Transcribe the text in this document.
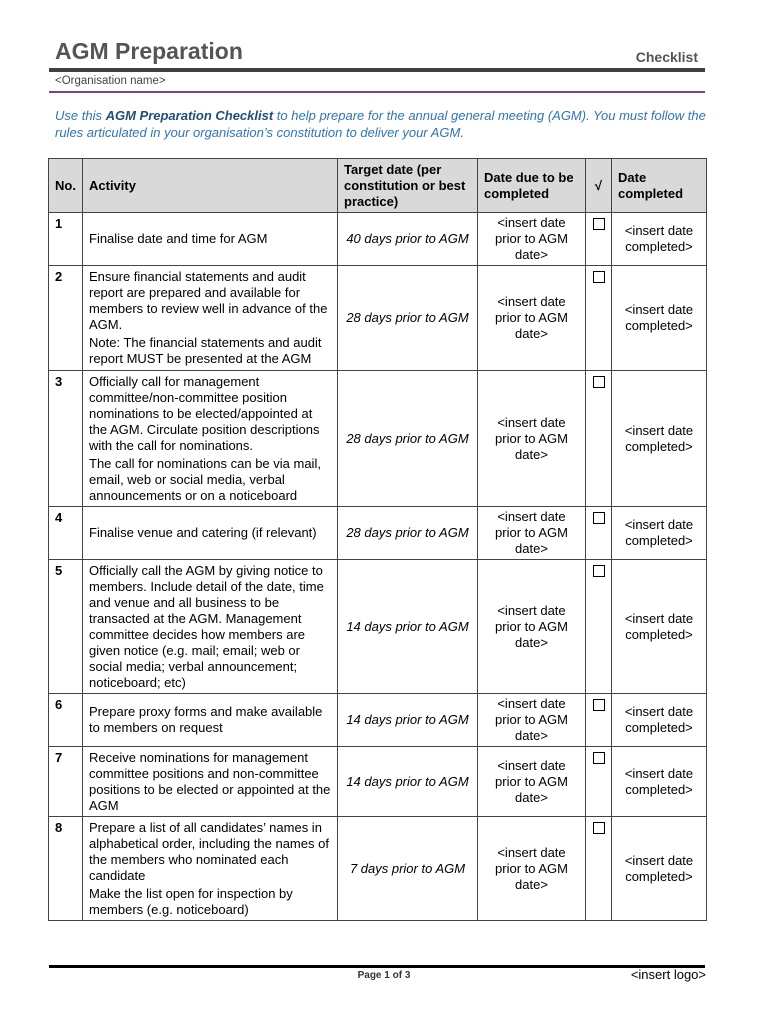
AGM Preparation	Checklist
<Organisation name>
Use this AGM Preparation Checklist to help prepare for the annual general meeting (AGM). You must follow the rules articulated in your organisation’s constitution to deliver your AGM.
No.	Activity	Target date (per constitution or best practice)	Date due to be completed	√	Date completed
1	Finalise date and time for AGM	40 days prior to AGM	<insert date prior to AGM date>		<insert date completed>
2	Ensure financial statements and audit report are prepared and available for members to review well in advance of the AGM.
Note: The financial statements and audit report MUST be presented at the AGM	28 days prior to AGM	<insert date prior to AGM date>		<insert date completed>
3	Officially call for management committee/non-committee position nominations to be elected/appointed at the AGM. Circulate position descriptions with the call for nominations.
The call for nominations can be via mail, email, web or social media, verbal announcements or on a noticeboard	28 days prior to AGM	<insert date prior to AGM date>		<insert date completed>
4	Finalise venue and catering (if relevant)	28 days prior to AGM	<insert date prior to AGM date>		<insert date completed>
5	Officially call the AGM by giving notice to members. Include detail of the date, time and venue and all business to be transacted at the AGM. Management committee decides how members are given notice (e.g. mail; email; web or social media; verbal announcement; noticeboard; etc)	14 days prior to AGM	<insert date prior to AGM date>		<insert date completed>
6	Prepare proxy forms and make available to members on request	14 days prior to AGM	<insert date prior to AGM date>		<insert date completed>
7	Receive nominations for management committee positions and non-committee positions to be elected or appointed at the AGM	14 days prior to AGM	<insert date prior to AGM date>		<insert date completed>
8	Prepare a list of all candidates’ names in alphabetical order, including the names of the members who nominated each candidate
Make the list open for inspection by members (e.g. noticeboard)	7 days prior to AGM	<insert date prior to AGM date>		<insert date completed>
Page 1 of 3	<insert logo>
